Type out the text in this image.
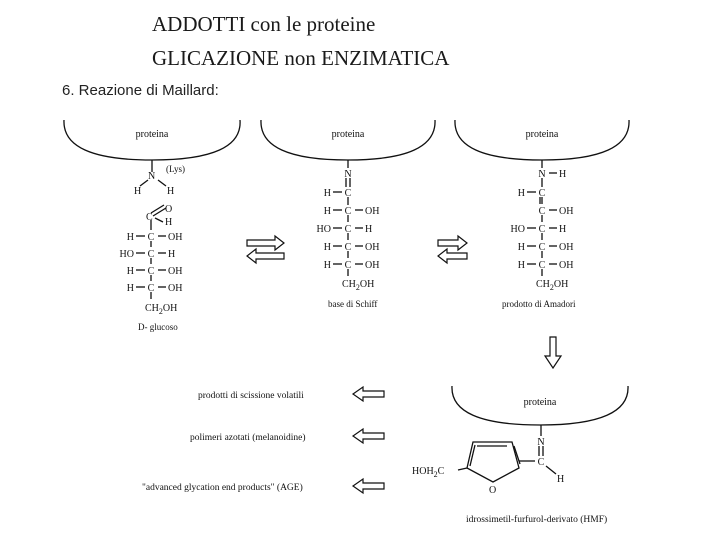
ADDOTTI con le proteine
GLICAZIONE non ENZIMATICA
6. Reazione di Maillard:
proteina	proteina	proteina
proteina
N
(Lys)
H	H
C
O
H
H C OH
HO C H
H C OH
H C OH
$CH_2OH$
D- glucoso
N
H C
H C OH
HO C H
H C OH
H C OH
$CH_2OH$
base di Schiff
N H
H C
C OH
HO C H
H C OH
H C OH
$CH_2OH$
prodotto di Amadori
prodotti di scissione volatili
polimeri azotati (melanoidine)
"advanced glycation end products" (AGE)
N
C
H
O
$HOH_2C$
idrossimetil-furfurol-derivato (HMF)
